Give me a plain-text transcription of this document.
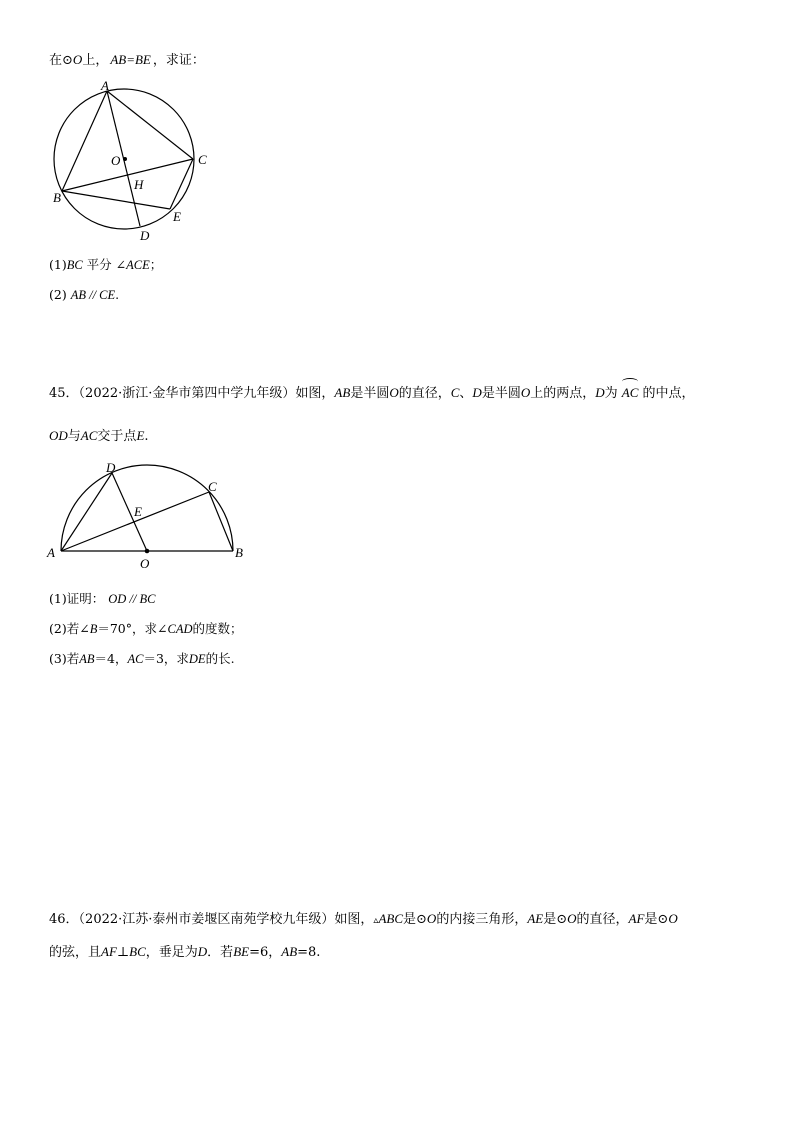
在⊙O上， AB=BE ，求证：
A
B
C
D
E
O
H
(1)BC 平分 ∠ACE；
(2) AB // CE.
45．（2022·浙江·金华市第四中学九年级）如图，AB是半圆O的直径，C、D是半圆O上的两点，D为 AC 的中点，
OD与AC交于点E.
A	B
C
D
E
O
(1)证明： OD // BC
(2)若∠B＝70°，求∠CAD的度数；
(3)若AB＝4，AC＝3，求DE的长.
46．（2022·江苏·泰州市姜堰区南苑学校九年级）如图，▵ABC是⊙O的内接三角形，AE是⊙O的直径，AF是⊙O
的弦，且AF⊥BC，垂足为D．若BE=6，AB=8.
